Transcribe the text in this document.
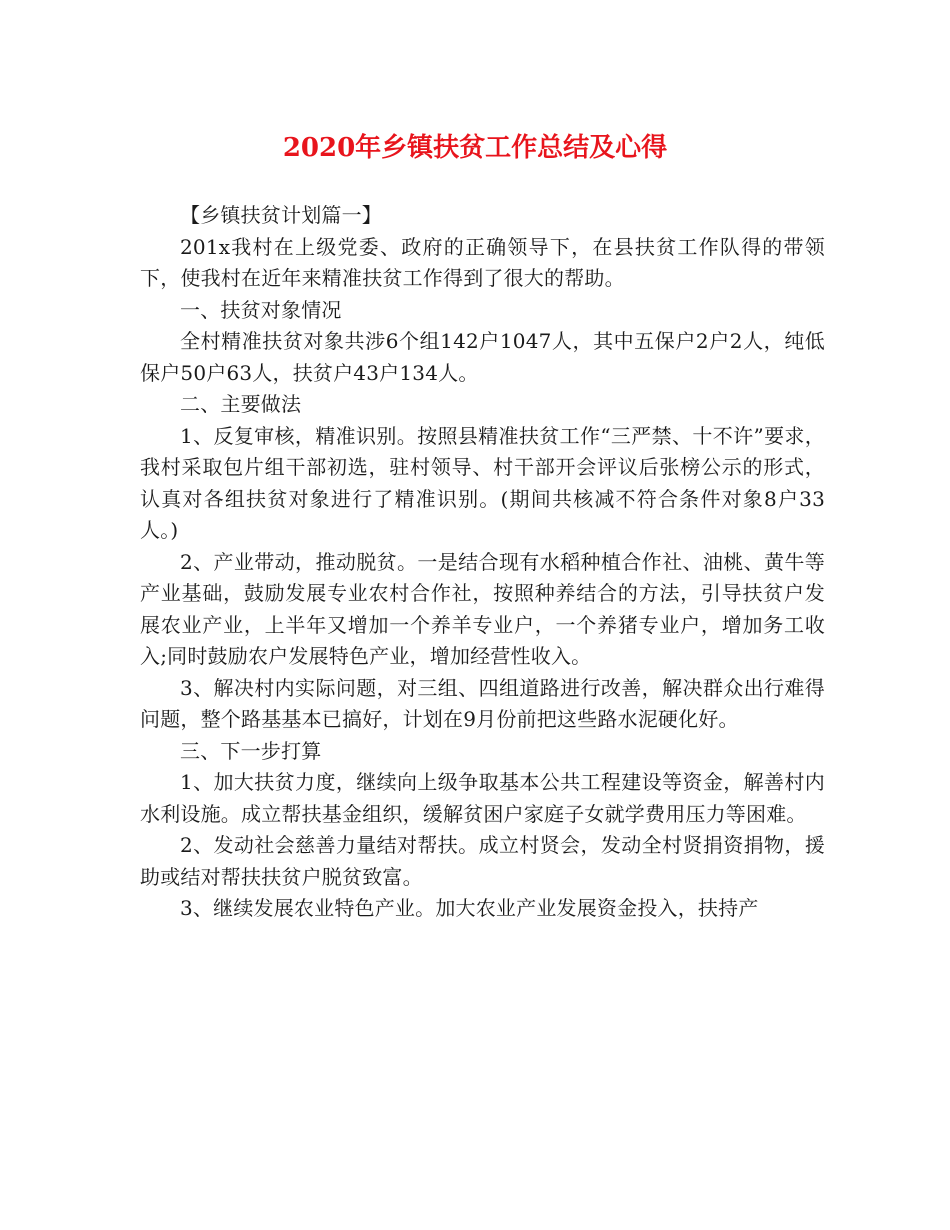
2020年乡镇扶贫工作总结及心得

【乡镇扶贫计划篇一】

201x我村在上级党委、政府的正确领导下，在县扶贫工作队得的带领下，使我村在近年来精准扶贫工作得到了很大的帮助。

一、扶贫对象情况

全村精准扶贫对象共涉6个组142户1047人，其中五保户2户2人，纯低保户50户63人，扶贫户43户134人。

二、主要做法

1、反复审核，精准识别。按照县精准扶贫工作“三严禁、十不许”要求，我村采取包片组干部初选，驻村领导、村干部开会评议后张榜公示的形式，认真对各组扶贫对象进行了精准识别。(期间共核减不符合条件对象8户33人。)

2、产业带动，推动脱贫。一是结合现有水稻种植合作社、油桃、黄牛等产业基础，鼓励发展专业农村合作社，按照种养结合的方法，引导扶贫户发展农业产业，上半年又增加一个养羊专业户，一个养猪专业户，增加务工收入;同时鼓励农户发展特色产业，增加经营性收入。

3、解决村内实际问题，对三组、四组道路进行改善，解决群众出行难得问题，整个路基基本已搞好，计划在9月份前把这些路水泥硬化好。

三、下一步打算

1、加大扶贫力度，继续向上级争取基本公共工程建设等资金，解善村内水利设施。成立帮扶基金组织，缓解贫困户家庭子女就学费用压力等困难。

2、发动社会慈善力量结对帮扶。成立村贤会，发动全村贤捐资捐物，援助或结对帮扶扶贫户脱贫致富。

3、继续发展农业特色产业。加大农业产业发展资金投入，扶持产
